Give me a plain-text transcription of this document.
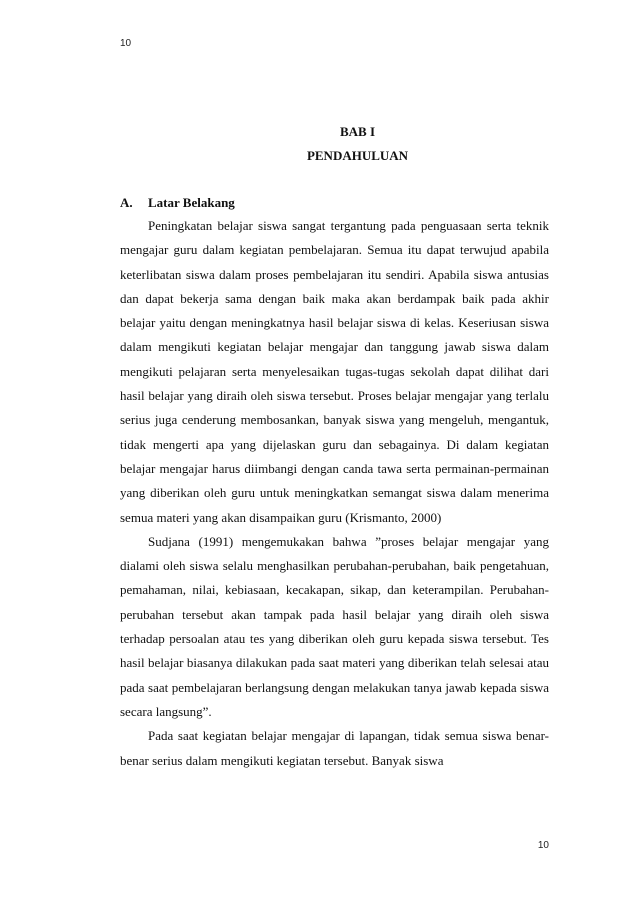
10

BAB I

PENDAHULUAN

A. Latar Belakang

Peningkatan belajar siswa sangat tergantung pada penguasaan serta teknik mengajar guru dalam kegiatan pembelajaran. Semua itu dapat terwujud apabila keterlibatan siswa dalam proses pembelajaran itu sendiri. Apabila siswa antusias dan dapat bekerja sama dengan baik maka akan berdampak baik pada akhir belajar yaitu dengan meningkatnya hasil belajar siswa di kelas. Keseriusan siswa dalam mengikuti kegiatan belajar mengajar dan tanggung jawab siswa dalam mengikuti pelajaran serta menyelesaikan tugas-tugas sekolah dapat dilihat dari hasil belajar yang diraih oleh siswa tersebut. Proses belajar mengajar yang terlalu serius juga cenderung membosankan, banyak siswa yang mengeluh, mengantuk, tidak mengerti apa yang dijelaskan guru dan sebagainya. Di dalam kegiatan belajar mengajar harus diimbangi dengan canda tawa serta permainan-permainan yang diberikan oleh guru untuk meningkatkan semangat siswa dalam menerima semua materi yang akan disampaikan guru (Krismanto, 2000)

Sudjana (1991) mengemukakan bahwa ”proses belajar mengajar yang dialami oleh siswa selalu menghasilkan perubahan-perubahan, baik pengetahuan, pemahaman, nilai, kebiasaan, kecakapan, sikap, dan keterampilan. Perubahan-perubahan tersebut akan tampak pada hasil belajar yang diraih oleh siswa terhadap persoalan atau tes yang diberikan oleh guru kepada siswa tersebut. Tes hasil belajar biasanya dilakukan pada saat materi yang diberikan telah selesai atau pada saat pembelajaran berlangsung dengan melakukan tanya jawab kepada siswa secara langsung”.

Pada saat kegiatan belajar mengajar di lapangan, tidak semua siswa benar-benar serius dalam mengikuti kegiatan tersebut. Banyak siswa

10
